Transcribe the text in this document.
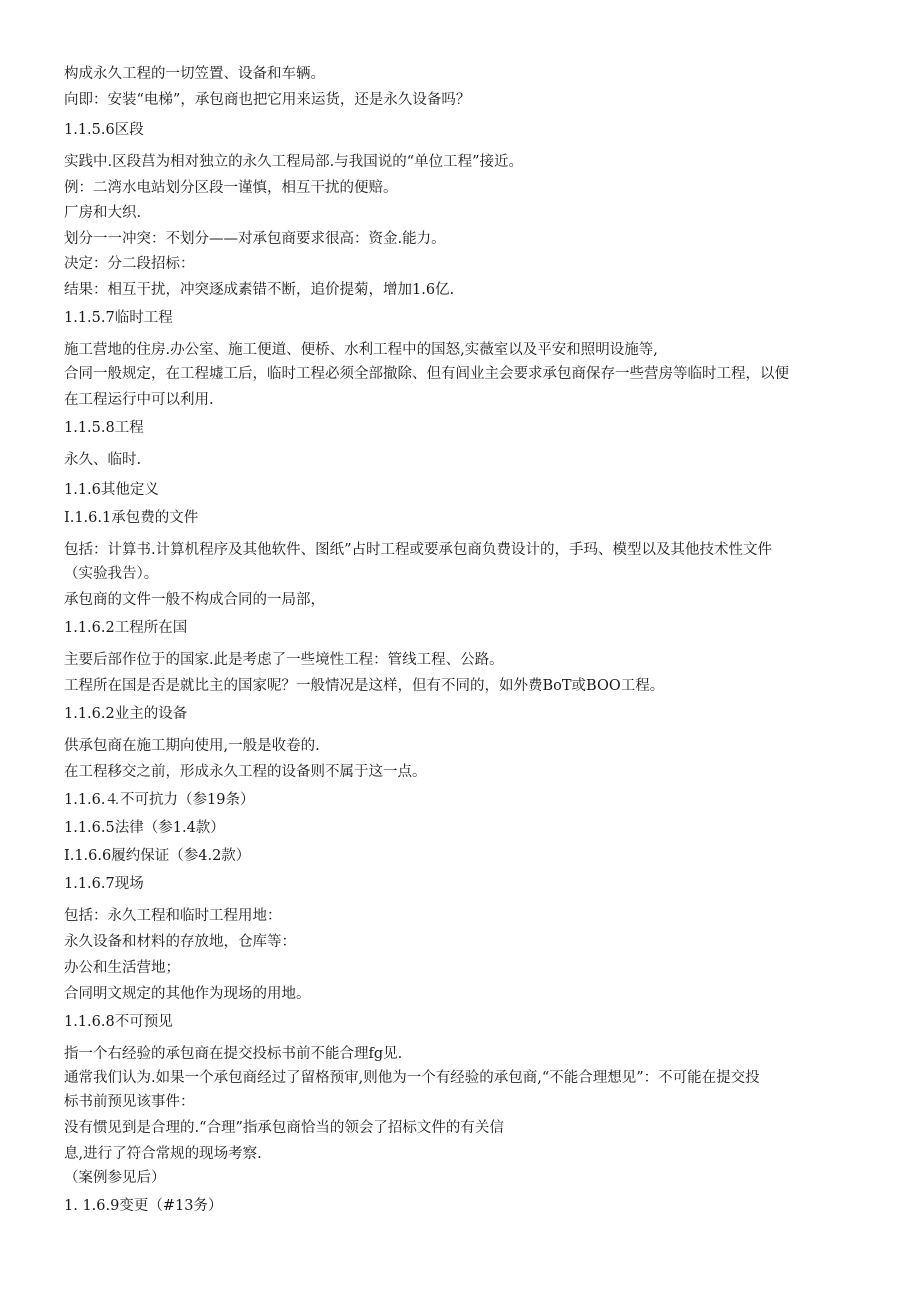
构成永久工程的一切笠置、设备和车辆。
向即：安装“电梯”，承包商也把它用来运货，还是永久设备吗？
1.1.5.6区段
实践中.区段莒为相对独立的永久工程局部.与我国说的“单位工程”接近。
例：二湾水电站划分区段一谨慎，相互干扰的便赔。
厂房和大织.
划分一一冲突：不划分——对承包商要求很高：资金.能力。
决定：分二段招标：
结果：相互干扰，冲突逐成素错不断，追价提菊，增加1.6亿.
1.1.5.7临时工程
施工营地的住房.办公室、施工便道、便桥、水利工程中的国怒,实薇室以及平安和照明设施等,
合同一般规定，在工程墟工后，临时工程必须全部撤除、但有闾业主会要求承包商保存一些营房等临时工程，以便
在工程运行中可以利用.
1.1.5.8工程
永久、临时.
1.1.6其他定义
I.1.6.1承包费的文件
包括：计算书.计算机程序及其他软件、图纸”占时工程或要承包商负费设计的，手玛、模型以及其他技术性文件
（实验我告）。
承包商的文件一般不构成合同的一局部，
1.1.6.2工程所在国
主要后部作位于的国家.此是考虑了一些境性工程：管线工程、公路。
工程所在国是否是就比主的国家呢？一般情况是这样，但有不同的，如外费BoT或BOO工程。
1.1.6.2业主的设备
供承包商在施工期向使用,一般是收卷的.
在工程移交之前，形成永久工程的设备则不属于这一点。
1.1.6.⒋不可抗力（参19条）
1.1.6.5法律（参1.4款）
I.1.6.6履约保证（参4.2款）
1.1.6.7现场
包括：永久工程和临时工程用地：
永久设备和材料的存放地，仓库等：
办公和生活营地；
合同明文规定的其他作为现场的用地。
1.1.6.8不可预见
指一个右经验的承包商在提交投标书前不能合理fg见.
通常我们认为.如果一个承包商经过了留格预审,则他为一个有经验的承包商,“不能合理想见”：不可能在提交投
标书前预见该事件：
没有惯见到是合理的.“合理”指承包商恰当的领会了招标文件的有关信
息,进行了符合常规的现场考察.
（案例参见后）
1. 1.6.9变更（#13务）
